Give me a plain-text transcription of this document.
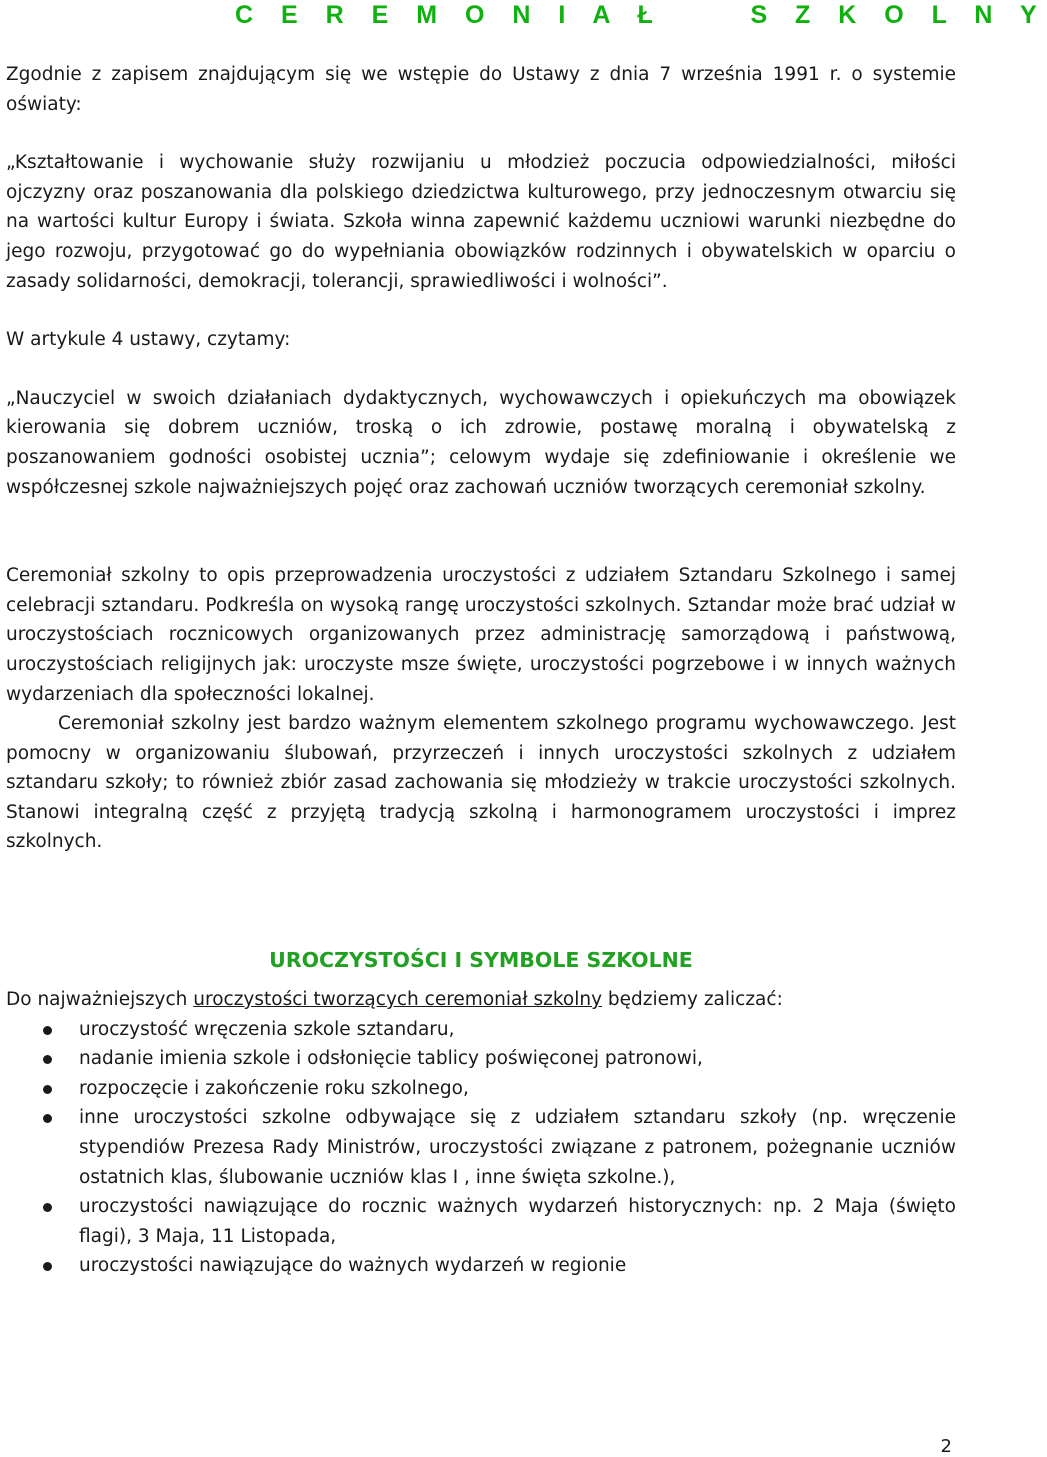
C E R E M O N I A Ł     S Z K O L N Y

Zgodnie z zapisem znajdującym się we wstępie do Ustawy z dnia 7 września 1991 r. o systemie oświaty:

„Kształtowanie i wychowanie służy rozwijaniu u młodzież poczucia odpowiedzialności, miłości ojczyzny oraz poszanowania dla polskiego dziedzictwa kulturowego, przy jednoczesnym otwarciu się na wartości kultur Europy i świata. Szkoła winna zapewnić każdemu uczniowi warunki niezbędne do jego rozwoju, przygotować go do wypełniania obowiązków rodzinnych i obywatelskich w oparciu o zasady solidarności, demokracji, tolerancji, sprawiedliwości i wolności”.

W artykule 4 ustawy, czytamy:

„Nauczyciel w swoich działaniach dydaktycznych, wychowawczych i opiekuńczych ma obowiązek kierowania się dobrem uczniów, troską o ich zdrowie, postawę moralną i obywatelską z poszanowaniem godności osobistej ucznia”; celowym wydaje się zdefiniowanie i określenie we współczesnej szkole najważniejszych pojęć oraz zachowań uczniów tworzących ceremoniał szkolny.

Ceremoniał szkolny to opis przeprowadzenia uroczystości z udziałem Sztandaru Szkolnego i samej celebracji sztandaru. Podkreśla on wysoką rangę uroczystości szkolnych. Sztandar może brać udział w uroczystościach rocznicowych organizowanych przez administrację samorządową i państwową, uroczystościach religijnych jak: uroczyste msze święte, uroczystości pogrzebowe i w innych ważnych wydarzeniach dla społeczności lokalnej.

Ceremoniał szkolny jest bardzo ważnym elementem szkolnego programu wychowawczego. Jest pomocny w organizowaniu ślubowań, przyrzeczeń i innych uroczystości szkolnych z udziałem sztandaru szkoły; to również zbiór zasad zachowania się młodzieży w trakcie uroczystości szkolnych. Stanowi integralną część z przyjętą tradycją szkolną i harmonogramem uroczystości i imprez szkolnych.

UROCZYSTOŚCI I SYMBOLE SZKOLNE

Do najważniejszych uroczystości tworzących ceremoniał szkolny będziemy zaliczać:

uroczystość wręczenia szkole sztandaru,
nadanie imienia szkole i odsłonięcie tablicy poświęconej patronowi,
rozpoczęcie i zakończenie roku szkolnego,
inne uroczystości szkolne odbywające się z udziałem sztandaru szkoły (np. wręczenie stypendiów Prezesa Rady Ministrów, uroczystości związane z patronem, pożegnanie uczniów ostatnich klas, ślubowanie uczniów klas I , inne święta szkolne.),
uroczystości nawiązujące do rocznic ważnych wydarzeń historycznych: np. 2 Maja (święto flagi), 3 Maja, 11 Listopada,
uroczystości nawiązujące do ważnych wydarzeń w regionie
2
